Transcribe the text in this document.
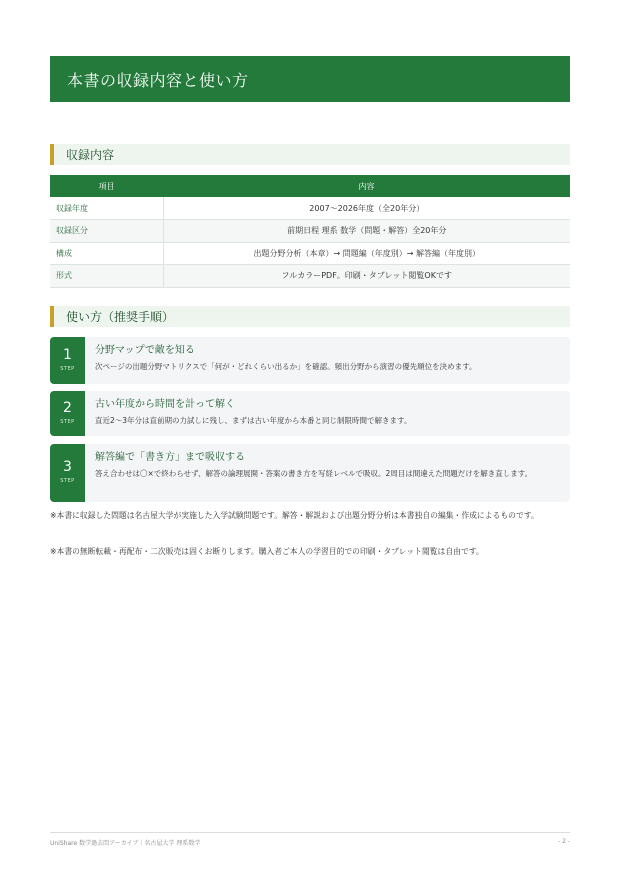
本書の収録内容と使い方
収録内容
項目	内容
収録年度	2007〜2026年度（全20年分）
収録区分	前期日程 理系 数学（問題・解答）全20年分
構成	出題分野分析（本章）→ 問題編（年度別）→ 解答編（年度別）
形式	フルカラーPDF。印刷・タブレット閲覧OKです
使い方（推奨手順）
1
STEP
分野マップで敵を知る
次ページの出題分野マトリクスで「何が・どれくらい出るか」を確認。頻出分野から演習の優先順位を決めます。
2
STEP
古い年度から時間を計って解く
直近2〜3年分は直前期の力試しに残し、まずは古い年度から本番と同じ制限時間で解きます。
3
STEP
解答編で「書き方」まで吸収する
答え合わせは〇×で終わらせず、解答の論理展開・答案の書き方を写経レベルで吸収。2周目は間違えた問題だけを解き直します。

※本書に収録した問題は名古屋大学が実施した入学試験問題です。解答・解説および出題分野分析は本書独自の編集・作成によるものです。

※本書の無断転載・再配布・二次販売は固くお断りします。購入者ご本人の学習目的での印刷・タブレット閲覧は自由です。

UniShare 数学過去問アーカイブ｜名古屋大学 理系数学	- 2 -
